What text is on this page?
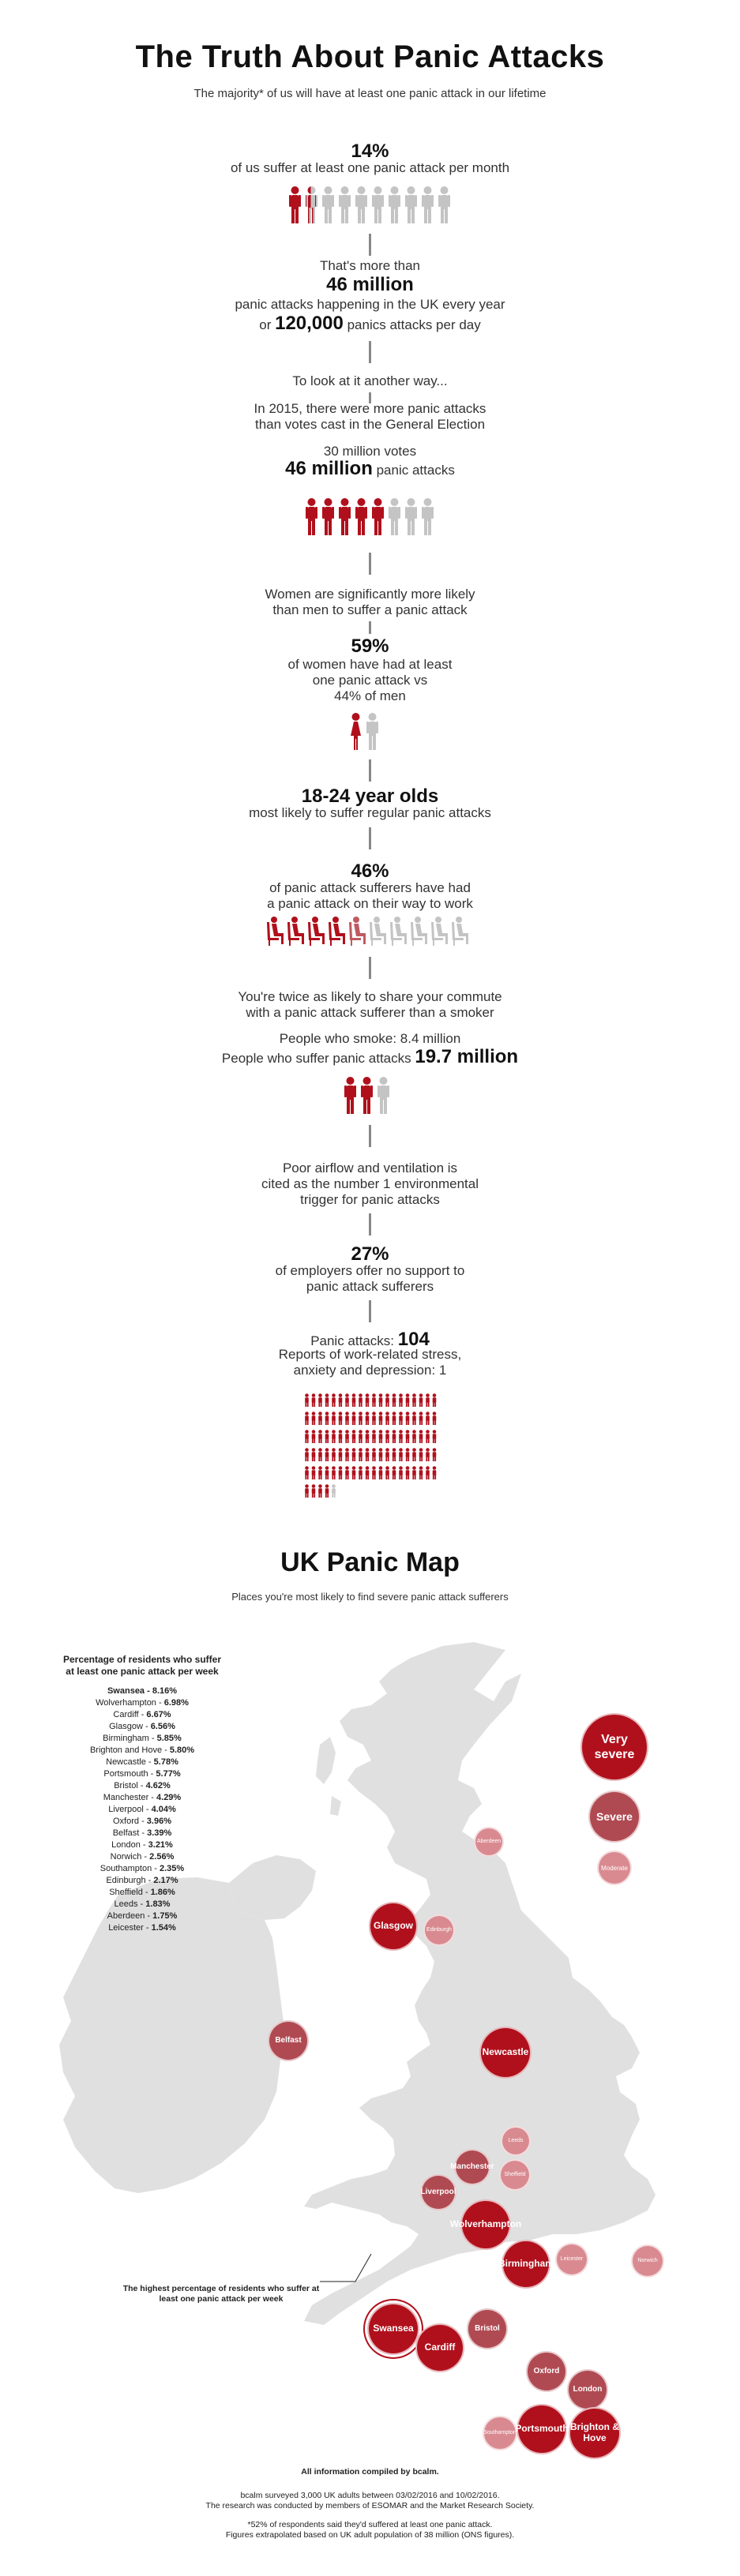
The Truth About Panic Attacks
The majority* of us will have at least one panic attack in our lifetime
14%
of us suffer at least one panic attack per month
That's more than
46 million
panic attacks happening in the UK every year
or 120,000 panics attacks per day
To look at it another way...
In 2015, there were more panic attacks
than votes cast in the General Election
30 million votes
46 million panic attacks
Women are significantly more likely
than men to suffer a panic attack
59%
of women have had at least
one panic attack vs
44% of men
18-24 year olds
most likely to suffer regular panic attacks
46%
of panic attack sufferers have had
a panic attack on their way to work
You're twice as likely to share your commute
with a panic attack sufferer than a smoker
People who smoke: 8.4 million
People who suffer panic attacks 19.7 million
Poor airflow and ventilation is
cited as the number 1 environmental
trigger for panic attacks
27%
of employers offer no support to
panic attack sufferers
Panic attacks: 104
Reports of work-related stress,
anxiety and depression: 1
UK Panic Map
Places you're most likely to find severe panic attack sufferers
Percentage of residents who suffer
at least one panic attack per week
Swansea - 8.16%
Wolverhampton - 6.98%
Cardiff - 6.67%
Glasgow - 6.56%
Birmingham - 5.85%
Brighton and Hove - 5.80%
Newcastle - 5.78%
Portsmouth - 5.77%
Bristol - 4.62%
Manchester - 4.29%
Liverpool - 4.04%
Oxford - 3.96%
Belfast - 3.39%
London - 3.21%
Norwich - 2.56%
Southampton - 2.35%
Edinburgh - 2.17%
Sheffield - 1.86%
Leeds - 1.83%
Aberdeen - 1.75%
Leicester - 1.54%
Very severe
Severe
Moderate
Aberdeen
Glasgow	Edinburgh
Belfast
Newcastle
Leeds
Manchester
Sheffield
Liverpool
Wolverhampton
Birmingham	Leicester	Norwich
Swansea
Cardiff
Bristol
Oxford
London
Southampton
Portsmouth Brighton & Hove
The highest percentage of residents who suffer at least one panic attack per week
All information compiled by bcalm.
bcalm surveyed 3,000 UK adults between 03/02/2016 and 10/02/2016.
The research was conducted by members of ESOMAR and the Market Research Society.
*52% of respondents said they'd suffered at least one panic attack.
Figures extrapolated based on UK adult population of 38 million (ONS figures).
